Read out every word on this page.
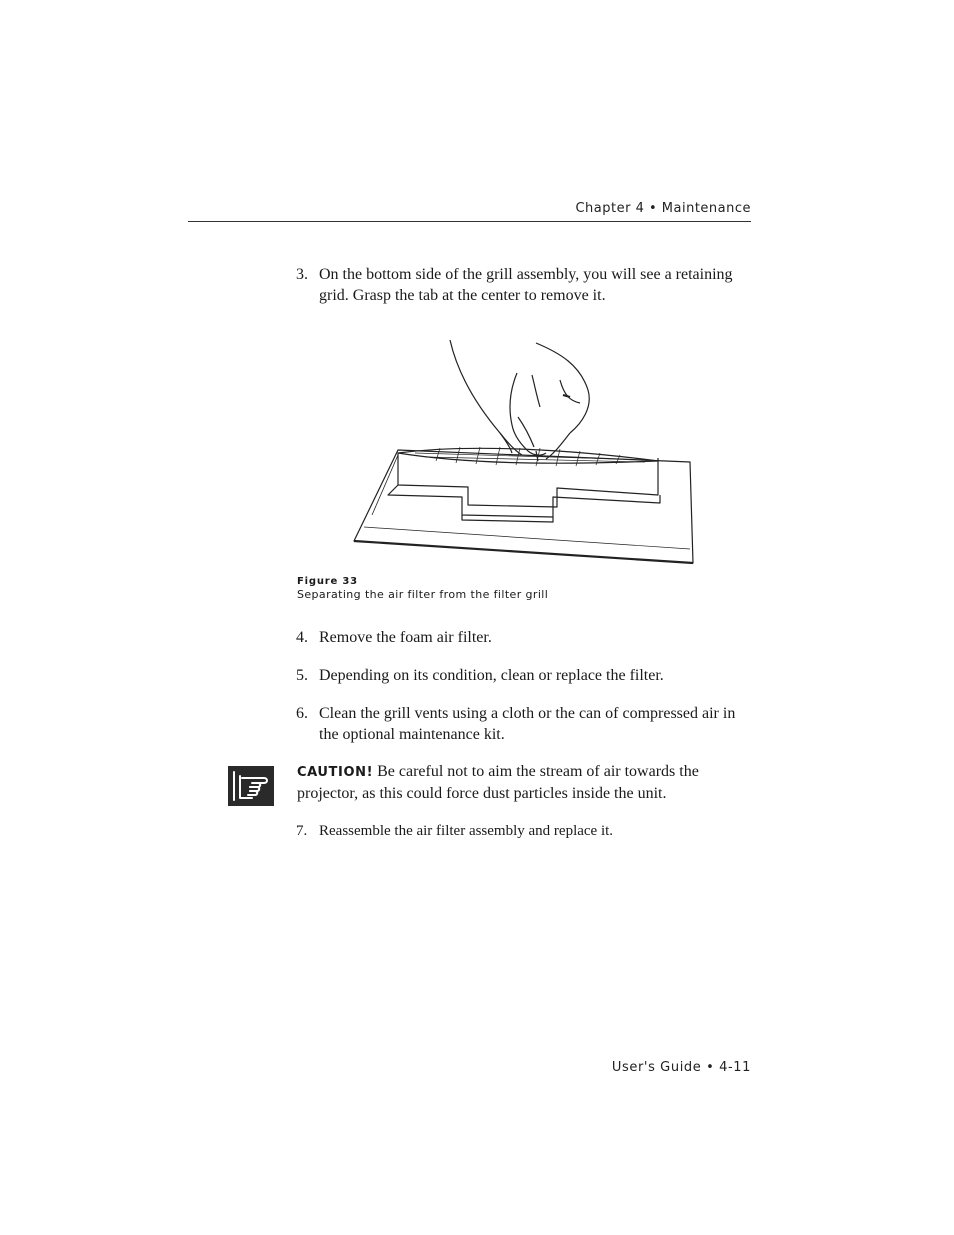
Chapter 4 • Maintenance
3. On the bottom side of the grill assembly, you will see a retaining grid. Grasp the tab at the center to remove it.
Figure 33
Separating the air filter from the filter grill
4. Remove the foam air filter.
5. Depending on its condition, clean or replace the filter.
6. Clean the grill vents using a cloth or the can of compressed air in the optional maintenance kit.
CAUTION! Be careful not to aim the stream of air towards the projector, as this could force dust particles inside the unit.
7. Reassemble the air filter assembly and replace it.
User's Guide • 4-11
